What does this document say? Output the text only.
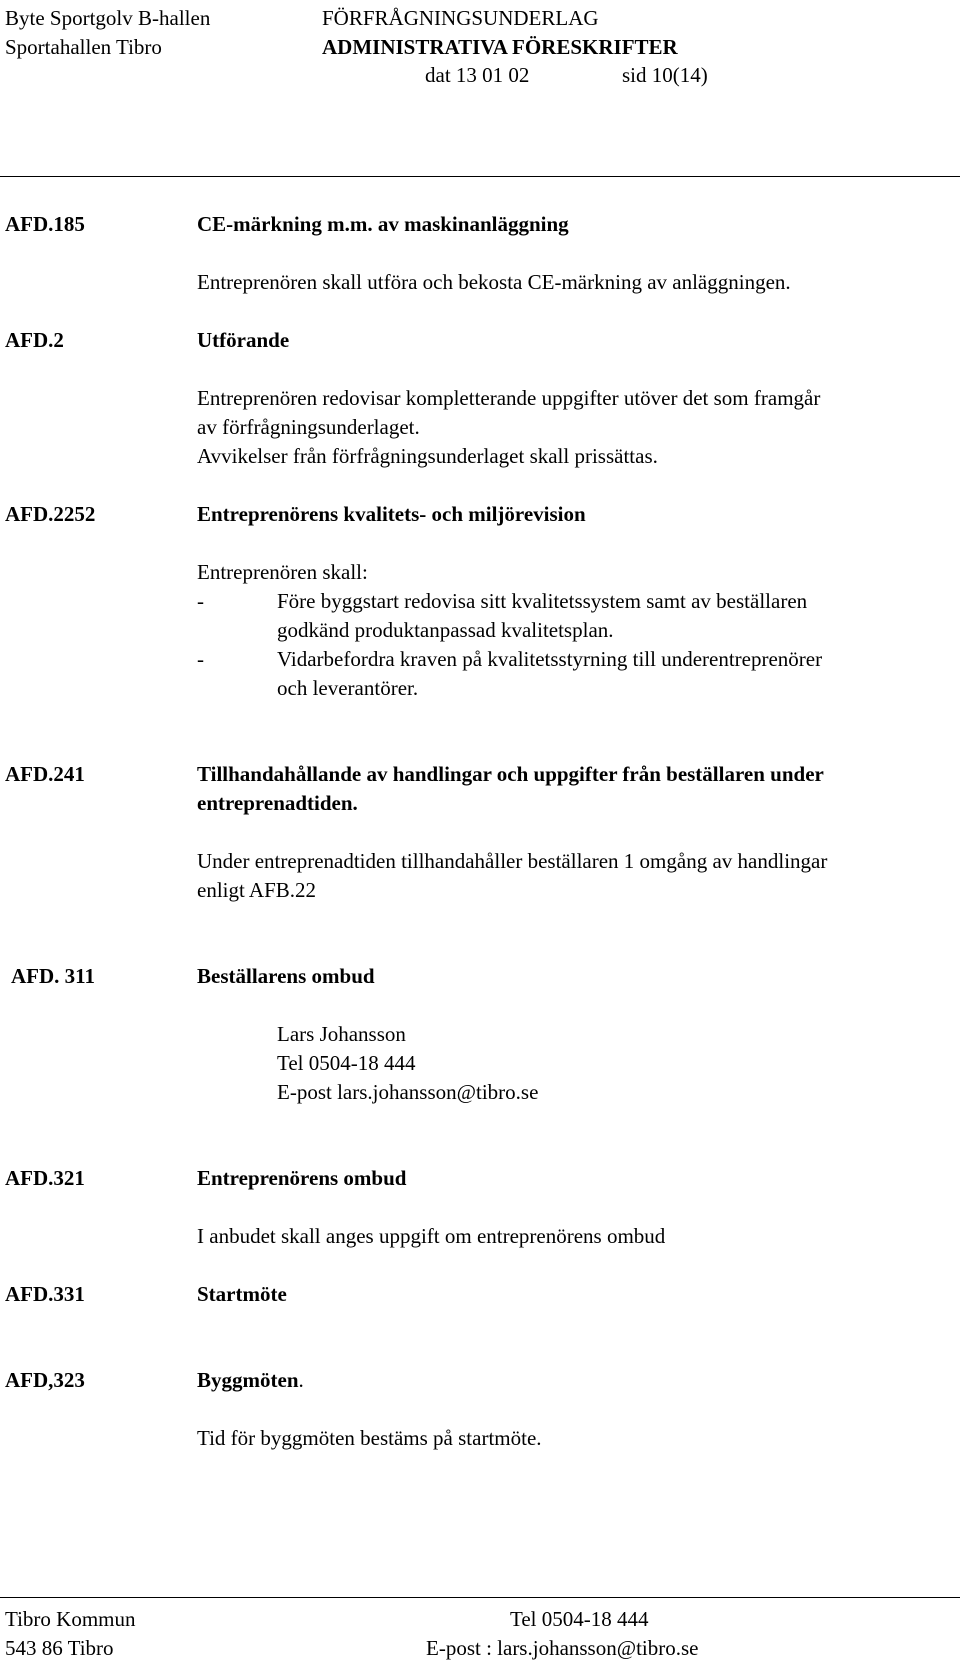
Byte Sportgolv B-hallen
Sportahallen Tibro
FÖRFRÅGNINGSUNDERLAG
ADMINISTRATIVA FÖRESKRIFTER
dat 13 01 02	sid 10(14)
AFD.185	CE-märkning m.m. av maskinanläggning
Entreprenören skall utföra och bekosta CE-märkning av anläggningen.
AFD.2	Utförande
Entreprenören redovisar kompletterande uppgifter utöver det som framgår
av förfrågningsunderlaget.
Avvikelser från förfrågningsunderlaget skall prissättas.
AFD.2252	Entreprenörens kvalitets- och miljörevision
Entreprenören skall:
-	Före byggstart redovisa sitt kvalitetssystem samt av beställaren
godkänd produktanpassad kvalitetsplan.
-	Vidarbefordra kraven på kvalitetsstyrning till underentreprenörer
och leverantörer.
AFD.241	Tillhandahållande av handlingar och uppgifter från beställaren under
entreprenadtiden.
Under entreprenadtiden tillhandahåller beställaren 1 omgång av handlingar
enligt AFB.22
AFD. 311	Beställarens ombud
Lars Johansson
Tel 0504-18 444
E-post lars.johansson@tibro.se
AFD.321	Entreprenörens ombud
I anbudet skall anges uppgift om entreprenörens ombud
AFD.331	Startmöte
AFD,323	Byggmöten.
Tid för byggmöten bestäms på startmöte.
Tibro Kommun
543 86 Tibro
Tel 0504-18 444
E-post : lars.johansson@tibro.se
